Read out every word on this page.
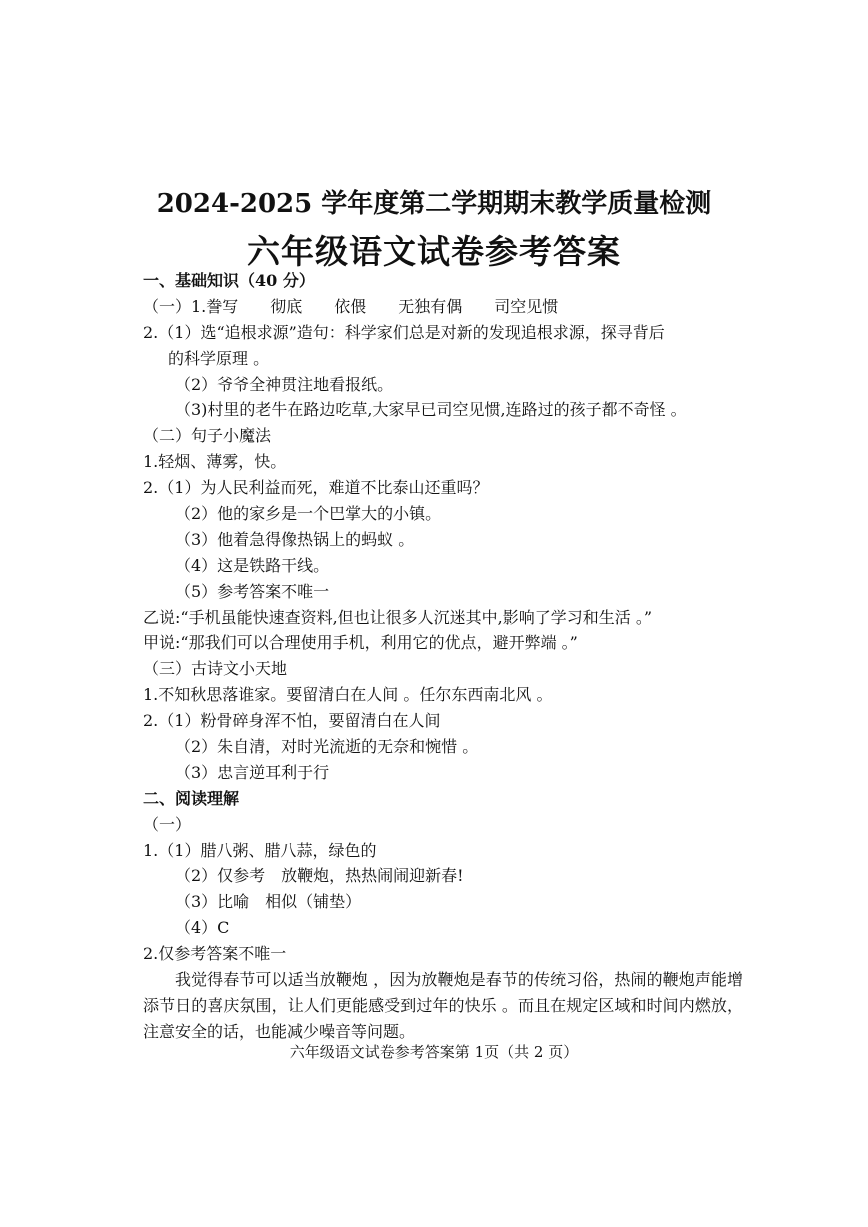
2024-2025 学年度第二学期期末教学质量检测
六年级语文试卷参考答案
一、基础知识（40 分）
（一）1.誊写　　彻底　　依偎　　无独有偶　　司空见惯
2.（1）选“追根求源”造句：科学家们总是对新的发现追根求源，探寻背后
的科学原理 。
（2）爷爷全神贯注地看报纸。
（3)村里的老牛在路边吃草,大家早已司空见惯,连路过的孩子都不奇怪 。
（二）句子小魔法
1.轻烟、薄雾，快。
2.（1）为人民利益而死，难道不比泰山还重吗？
（2）他的家乡是一个巴掌大的小镇。
（3）他着急得像热锅上的蚂蚁 。
（4）这是铁路干线。
（5）参考答案不唯一
乙说:“手机虽能快速查资料,但也让很多人沉迷其中,影响了学习和生活 。”
甲说:“那我们可以合理使用手机，利用它的优点，避开弊端 。”
（三）古诗文小天地
1.不知秋思落谁家。要留清白在人间 。任尔东西南北风 。
2.（1）粉骨碎身浑不怕，要留清白在人间
（2）朱自清，对时光流逝的无奈和惋惜 。
（3）忠言逆耳利于行
二、阅读理解
（一）
1.（1）腊八粥、腊八蒜，绿色的
（2）仅参考　放鞭炮，热热闹闹迎新春!
（3）比喻　相似（铺垫）
（4）C
2.仅参考答案不唯一

我觉得春节可以适当放鞭炮 ，因为放鞭炮是春节的传统习俗，热闹的鞭炮声能增添节日的喜庆氛围，让人们更能感受到过年的快乐 。而且在规定区域和时间内燃放，注意安全的话，也能减少噪音等问题。

六年级语文试卷参考答案第 1页（共 2 页）
